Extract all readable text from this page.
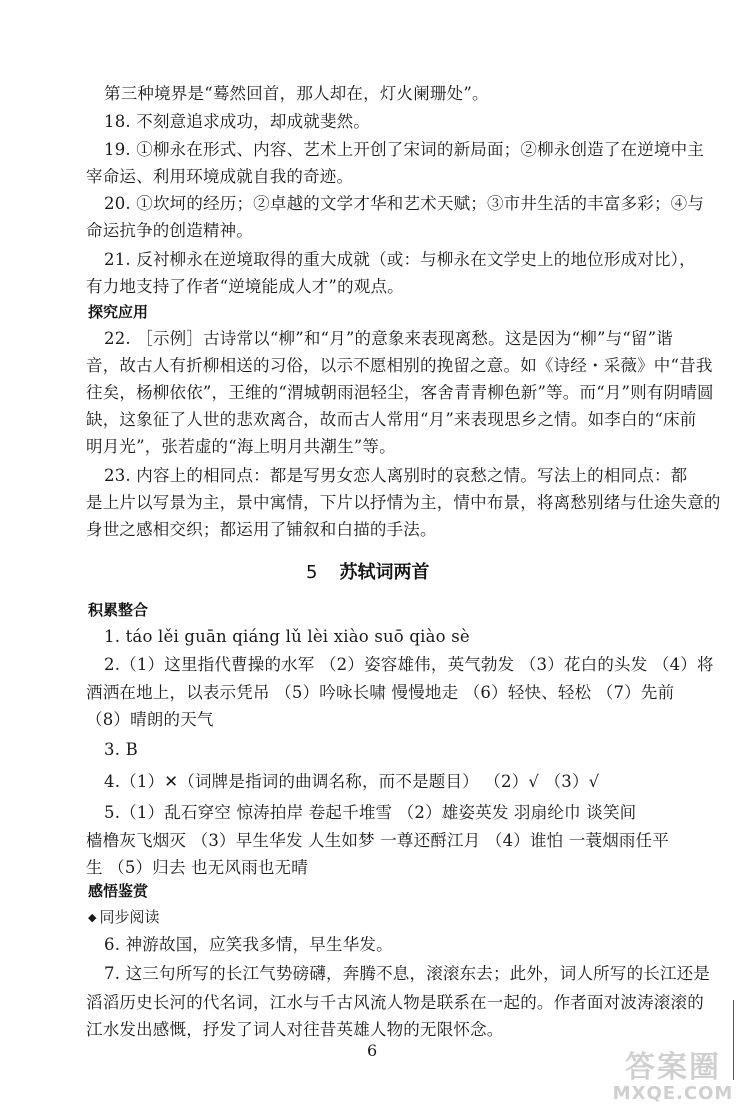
第三种境界是“蓦然回首，那人却在，灯火阑珊处”。
18. 不刻意追求成功，却成就斐然。
19. ①柳永在形式、内容、艺术上开创了宋词的新局面；②柳永创造了在逆境中主
宰命运、利用环境成就自我的奇迹。
20. ①坎坷的经历；②卓越的文学才华和艺术天赋；③市井生活的丰富多彩；④与
命运抗争的创造精神。
21. 反衬柳永在逆境取得的重大成就（或：与柳永在文学史上的地位形成对比），
有力地支持了作者“逆境能成人才”的观点。
探究应用
22. ［示例］古诗常以“柳”和“月”的意象来表现离愁。这是因为“柳”与“留”谐
音，故古人有折柳相送的习俗，以示不愿相别的挽留之意。如《诗经・采薇》中“昔我
往矣，杨柳依依”，王维的“渭城朝雨浥轻尘，客舍青青柳色新”等。而“月”则有阴晴圆
缺，这象征了人世的悲欢离合，故而古人常用“月”来表现思乡之情。如李白的“床前
明月光”，张若虚的“海上明月共潮生”等。
23. 内容上的相同点：都是写男女恋人离别时的哀愁之情。写法上的相同点：都
是上片以写景为主，景中寓情，下片以抒情为主，情中布景，将离愁别绪与仕途失意的
身世之感相交织；都运用了铺叙和白描的手法。
5 苏轼词两首
积累整合
1. táo lěi guān qiáng lǔ lèi xiào suō qiào sè
2.（1）这里指代曹操的水军 （2）姿容雄伟，英气勃发 （3）花白的头发 （4）将
酒洒在地上，以表示凭吊 （5）吟咏长啸 慢慢地走 （6）轻快、轻松 （7）先前
（8）晴朗的天气
3. B
4.（1）✕（词牌是指词的曲调名称，而不是题目） （2）√ （3）√
5.（1）乱石穿空 惊涛拍岸 卷起千堆雪 （2）雄姿英发 羽扇纶巾 谈笑间
樯橹灰飞烟灭 （3）早生华发 人生如梦 一尊还酹江月 （4）谁怕 一蓑烟雨任平
生 （5）归去 也无风雨也无晴
感悟鉴赏
◆ 同步阅读
6. 神游故国，应笑我多情，早生华发。
7. 这三句所写的长江气势磅礴，奔腾不息，滚滚东去；此外，词人所写的长江还是
滔滔历史长河的代名词，江水与千古风流人物是联系在一起的。作者面对波涛滚滚的
江水发出感慨，抒发了词人对往昔英雄人物的无限怀念。
6	答案圈
MXQE.COM
